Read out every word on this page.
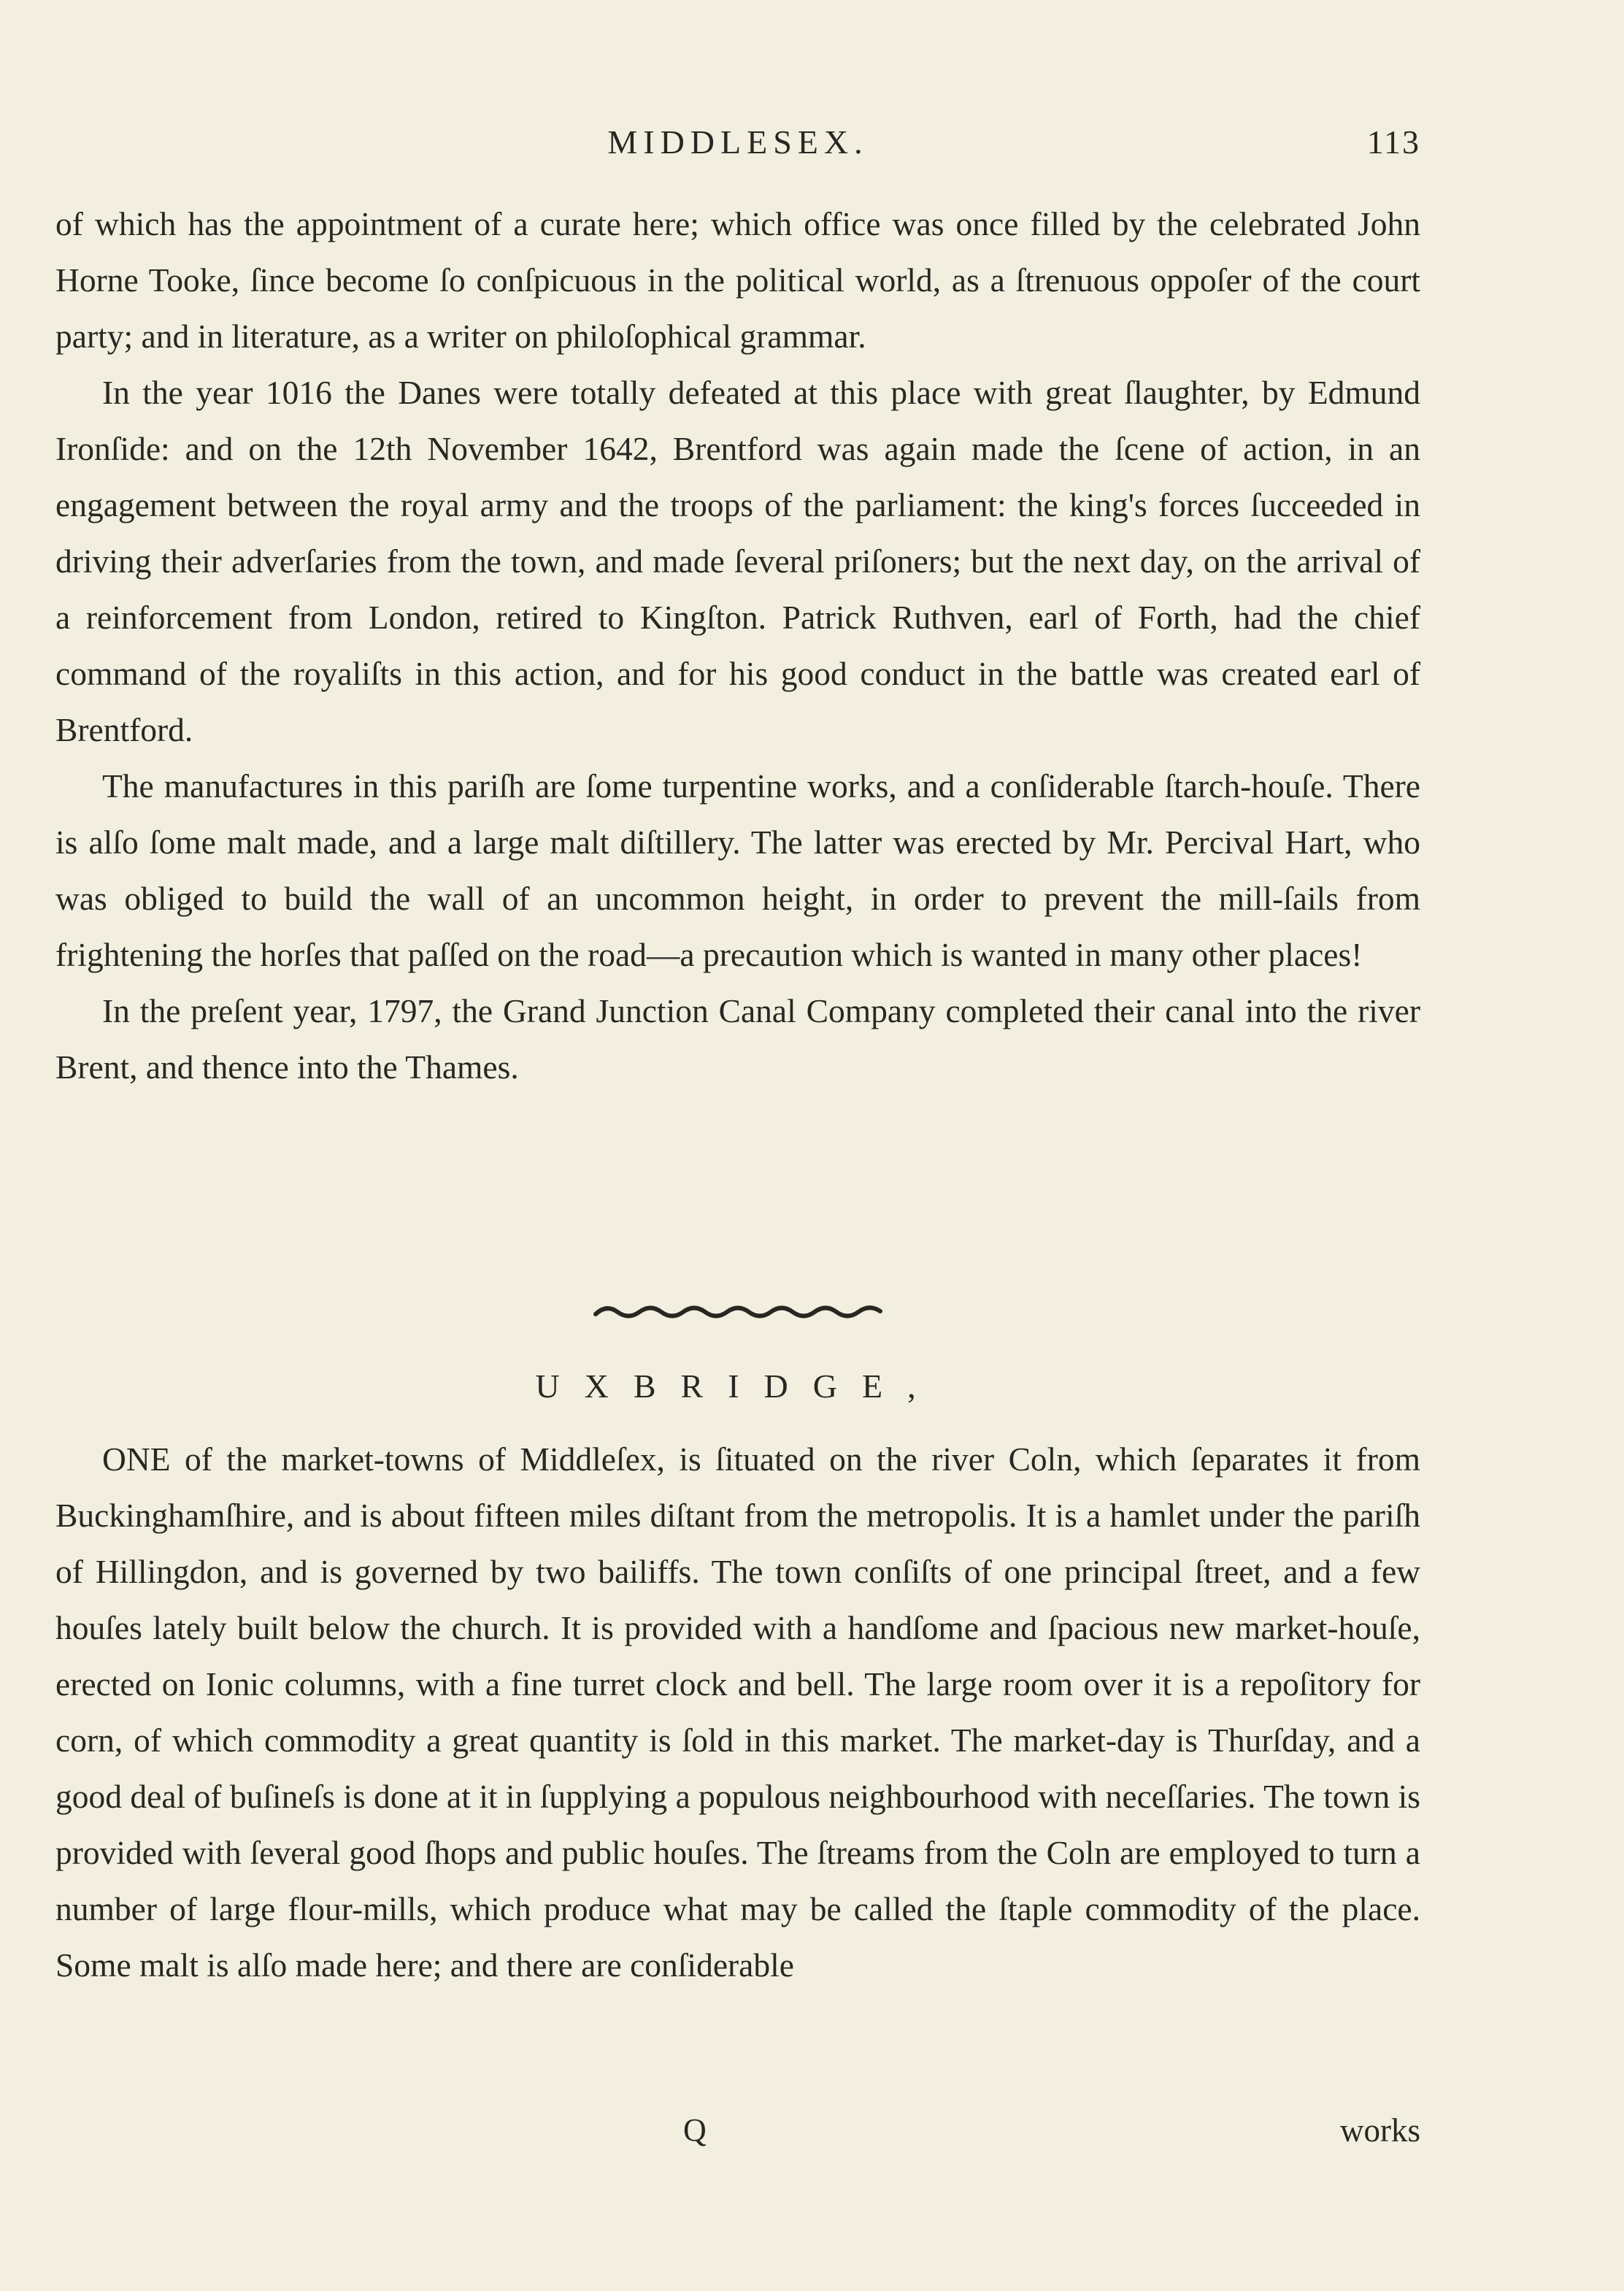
MIDDLESEX.	113

of which has the appointment of a curate here; which office was once filled by the celebrated John Horne Tooke, ſince become ſo conſpicuous in the political world, as a ſtrenuous oppoſer of the court party; and in literature, as a writer on philoſophical grammar.

In the year 1016 the Danes were totally defeated at this place with great ſlaughter, by Edmund Ironſide: and on the 12th November 1642, Brentford was again made the ſcene of action, in an engagement between the royal army and the troops of the parliament: the king's forces ſucceeded in driving their adverſaries from the town, and made ſeveral priſoners; but the next day, on the arrival of a reinforcement from London, retired to Kingſton. Patrick Ruthven, earl of Forth, had the chief command of the royaliſts in this action, and for his good conduct in the battle was created earl of Brentford.

The manufactures in this pariſh are ſome turpentine works, and a conſiderable ſtarch-houſe. There is alſo ſome malt made, and a large malt diſtillery. The latter was erected by Mr. Percival Hart, who was obliged to build the wall of an uncommon height, in order to prevent the mill-ſails from frightening the horſes that paſſed on the road—a precaution which is wanted in many other places!

In the preſent year, 1797, the Grand Junction Canal Company completed their canal into the river Brent, and thence into the Thames.

UXBRIDGE,

ONE of the market-towns of Middleſex, is ſituated on the river Coln, which ſeparates it from Buckinghamſhire, and is about fifteen miles diſtant from the metropolis. It is a hamlet under the pariſh of Hillingdon, and is governed by two bailiffs. The town conſiſts of one principal ſtreet, and a few houſes lately built below the church. It is provided with a handſome and ſpacious new market-houſe, erected on Ionic columns, with a fine turret clock and bell. The large room over it is a repoſitory for corn, of which commodity a great quantity is ſold in this market. The market-day is Thurſday, and a good deal of buſineſs is done at it in ſupplying a populous neighbourhood with neceſſaries. The town is provided with ſeveral good ſhops and public houſes. The ſtreams from the Coln are employed to turn a number of large flour-mills, which produce what may be called the ſtaple commodity of the place. Some malt is alſo made here; and there are conſiderable

Q	works
